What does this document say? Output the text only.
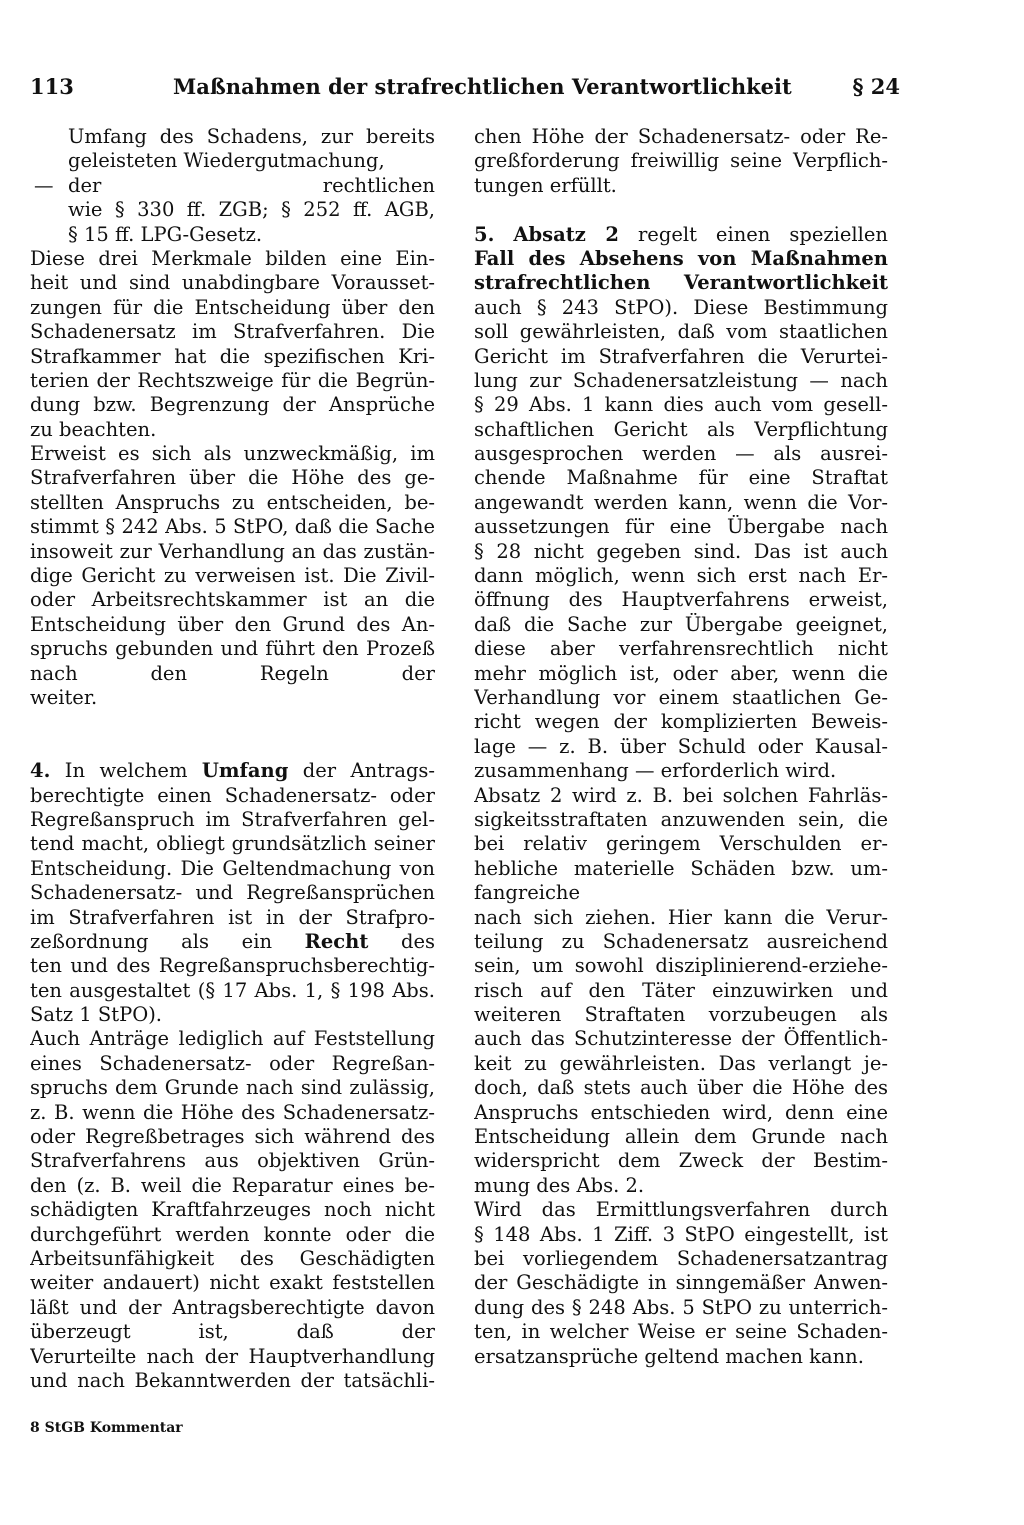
113	Maßnahmen der strafrechtlichen Verantwortlichkeit	§ 24
Umfang des Schadens, zur bereits
geleisteten Wiedergutmachung,
— der rechtlichen
wie § 330 ff. ZGB; § 252 ff. AGB,
§ 15 ff. LPG-Gesetz.
Diese drei Merkmale bilden eine Ein-
heit und sind unabdingbare Vorausset-
zungen für die Entscheidung über den
Schadenersatz im Strafverfahren. Die
Strafkammer hat die spezifischen Kri-
terien der Rechtszweige für die Begrün-
dung bzw. Begrenzung der Ansprüche
zu beachten.
Erweist es sich als unzweckmäßig, im
Strafverfahren über die Höhe des ge-
stellten Anspruchs zu entscheiden, be-
stimmt § 242 Abs. 5 StPO, daß die Sache
insoweit zur Verhandlung an das zustän-
dige Gericht zu verweisen ist. Die Zivil-
oder Arbeitsrechtskammer ist an die
Entscheidung über den Grund des An-
spruchs gebunden und führt den Prozeß
nach den Regeln der
weiter.
4. In welchem Umfang der Antrags-
berechtigte einen Schadenersatz- oder
Regreßanspruch im Strafverfahren gel-
tend macht, obliegt grundsätzlich seiner
Entscheidung. Die Geltendmachung von
Schadenersatz- und Regreßansprüchen
im Strafverfahren ist in der Strafpro-
zeßordnung als ein Recht des
ten und des Regreßanspruchsberechtig-
ten ausgestaltet (§ 17 Abs. 1, § 198 Abs.
Satz 1 StPO).
Auch Anträge lediglich auf Feststellung
eines Schadenersatz- oder Regreßan-
spruchs dem Grunde nach sind zulässig,
z. B. wenn die Höhe des Schadenersatz-
oder Regreßbetrages sich während des
Strafverfahrens aus objektiven Grün-
den (z. B. weil die Reparatur eines be-
schädigten Kraftfahrzeuges noch nicht
durchgeführt werden konnte oder die
Arbeitsunfähigkeit des Geschädigten
weiter andauert) nicht exakt feststellen
läßt und der Antragsberechtigte davon
überzeugt ist, daß der
Verurteilte nach der Hauptverhandlung
und nach Bekanntwerden der tatsächli-
chen Höhe der Schadenersatz- oder Re-
greßforderung freiwillig seine Verpflich-
tungen erfüllt.
5. Absatz 2 regelt einen speziellen
Fall des Absehens von Maßnahmen
strafrechtlichen Verantwortlichkeit
auch § 243 StPO). Diese Bestimmung
soll gewährleisten, daß vom staatlichen
Gericht im Strafverfahren die Verurtei-
lung zur Schadenersatzleistung — nach
§ 29 Abs. 1 kann dies auch vom gesell-
schaftlichen Gericht als Verpflichtung
ausgesprochen werden — als ausrei-
chende Maßnahme für eine Straftat
angewandt werden kann, wenn die Vor-
aussetzungen für eine Übergabe nach
§ 28 nicht gegeben sind. Das ist auch
dann möglich, wenn sich erst nach Er-
öffnung des Hauptverfahrens erweist,
daß die Sache zur Übergabe geeignet,
diese aber verfahrensrechtlich nicht
mehr möglich ist, oder aber, wenn die
Verhandlung vor einem staatlichen Ge-
richt wegen der komplizierten Beweis-
lage — z. B. über Schuld oder Kausal-
zusammenhang — erforderlich wird.
Absatz 2 wird z. B. bei solchen Fahrläs-
sigkeitsstraftaten anzuwenden sein, die
bei relativ geringem Verschulden er-
hebliche materielle Schäden bzw. um-
fangreiche
nach sich ziehen. Hier kann die Verur-
teilung zu Schadenersatz ausreichend
sein, um sowohl disziplinierend-erziehe-
risch auf den Täter einzuwirken und
weiteren Straftaten vorzubeugen als
auch das Schutzinteresse der Öffentlich-
keit zu gewährleisten. Das verlangt je-
doch, daß stets auch über die Höhe des
Anspruchs entschieden wird, denn eine
Entscheidung allein dem Grunde nach
widerspricht dem Zweck der Bestim-
mung des Abs. 2.
Wird das Ermittlungsverfahren durch
§ 148 Abs. 1 Ziff. 3 StPO eingestellt, ist
bei vorliegendem Schadenersatzantrag
der Geschädigte in sinngemäßer Anwen-
dung des § 248 Abs. 5 StPO zu unterrich-
ten, in welcher Weise er seine Schaden-
ersatzansprüche geltend machen kann.
8 StGB Kommentar
